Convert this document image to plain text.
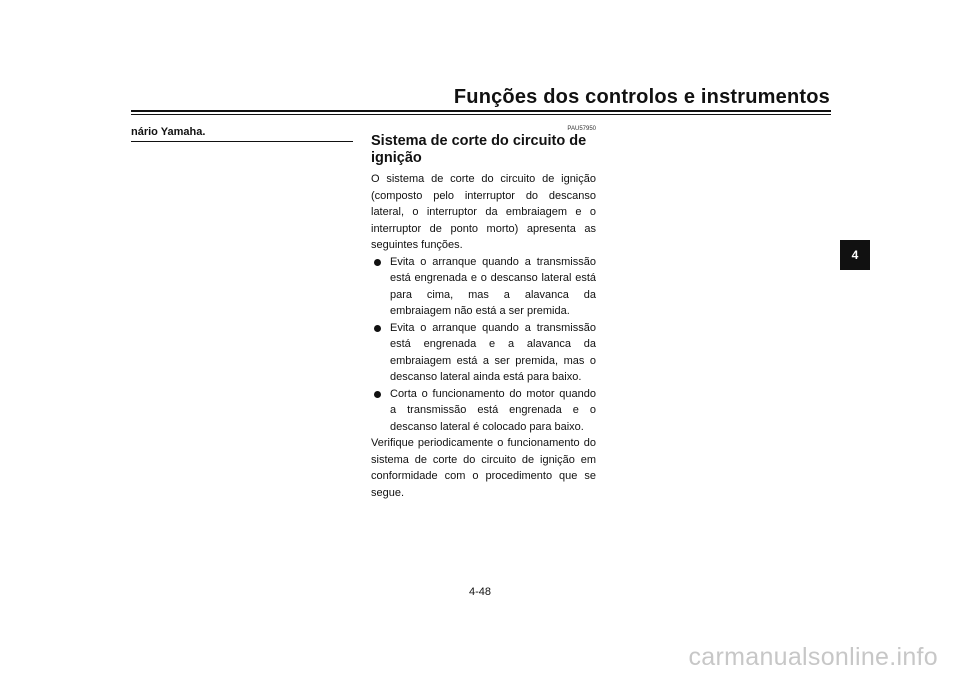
Funções dos controlos e instrumentos
nário Yamaha.	PAU57950
Sistema de corte do circuito de ignição

O sistema de corte do circuito de ignição (composto pelo interruptor do descanso lateral, o interruptor da embraiagem e o interruptor de ponto morto) apresenta as seguintes funções.

Evita o arranque quando a transmissão está engrenada e o descanso lateral está para cima, mas a alavanca da embraiagem não está a ser premida.
Evita o arranque quando a transmissão está engrenada e a alavanca da embraiagem está a ser premida, mas o descanso lateral ainda está para baixo.
Corta o funcionamento do motor quando a transmissão está engrenada e o descanso lateral é colocado para baixo.

Verifique periodicamente o funcionamento do sistema de corte do circuito de ignição em conformidade com o procedimento que se segue.

4
4-48
carmanualsonline.info
